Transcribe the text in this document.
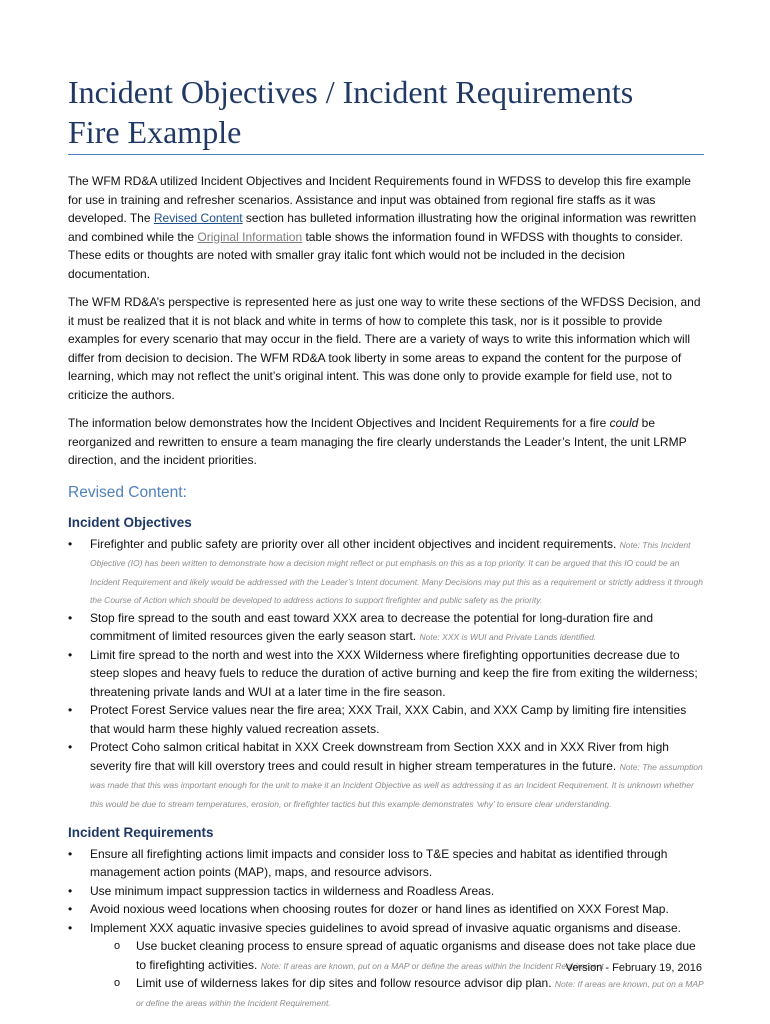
Incident Objectives / Incident Requirements
Fire Example

The WFM RD&A utilized Incident Objectives and Incident Requirements found in WFDSS to develop this fire example for use in training and refresher scenarios. Assistance and input was obtained from regional fire staffs as it was developed. The Revised Content section has bulleted information illustrating how the original information was rewritten and combined while the Original Information table shows the information found in WFDSS with thoughts to consider. These edits or thoughts are noted with smaller gray italic font which would not be included in the decision documentation.

The WFM RD&A’s perspective is represented here as just one way to write these sections of the WFDSS Decision, and it must be realized that it is not black and white in terms of how to complete this task, nor is it possible to provide examples for every scenario that may occur in the field. There are a variety of ways to write this information which will differ from decision to decision. The WFM RD&A took liberty in some areas to expand the content for the purpose of learning, which may not reflect the unit’s original intent. This was done only to provide example for field use, not to criticize the authors.

The information below demonstrates how the Incident Objectives and Incident Requirements for a fire could be reorganized and rewritten to ensure a team managing the fire clearly understands the Leader’s Intent, the unit LRMP direction, and the incident priorities.

Revised Content:
Incident Objectives
• Firefighter and public safety are priority over all other incident objectives and incident requirements. Note: This Incident Objective (IO) has been written to demonstrate how a decision might reflect or put emphasis on this as a top priority. It can be argued that this IO could be an Incident Requirement and likely would be addressed with the Leader’s Intent document. Many Decisions may put this as a requirement or strictly address it through the Course of Action which should be developed to address actions to support firefighter and public safety as the priority.
• Stop fire spread to the south and east toward XXX area to decrease the potential for long-duration fire and commitment of limited resources given the early season start. Note: XXX is WUI and Private Lands identified.
• Limit fire spread to the north and west into the XXX Wilderness where firefighting opportunities decrease due to steep slopes and heavy fuels to reduce the duration of active burning and keep the fire from exiting the wilderness; threatening private lands and WUI at a later time in the fire season.
• Protect Forest Service values near the fire area; XXX Trail, XXX Cabin, and XXX Camp by limiting fire intensities that would harm these highly valued recreation assets.
• Protect Coho salmon critical habitat in XXX Creek downstream from Section XXX and in XXX River from high severity fire that will kill overstory trees and could result in higher stream temperatures in the future. Note: The assumption was made that this was important enough for the unit to make it an Incident Objective as well as addressing it as an Incident Requirement. It is unknown whether this would be due to stream temperatures, erosion, or firefighter tactics but this example demonstrates ‘why’ to ensure clear understanding.
Incident Requirements
• Ensure all firefighting actions limit impacts and consider loss to T&E species and habitat as identified through management action points (MAP), maps, and resource advisors.
• Use minimum impact suppression tactics in wilderness and Roadless Areas.
• Avoid noxious weed locations when choosing routes for dozer or hand lines as identified on XXX Forest Map.
• Implement XXX aquatic invasive species guidelines to avoid spread of invasive aquatic organisms and disease.
o Use bucket cleaning process to ensure spread of aquatic organisms and disease does not take place due to firefighting activities. Note: If areas are known, put on a MAP or define the areas within the Incident Requirement
o Limit use of wilderness lakes for dip sites and follow resource advisor dip plan. Note: If areas are known, put on a MAP or define the areas within the Incident Requirement.
Version - February 19, 2016
